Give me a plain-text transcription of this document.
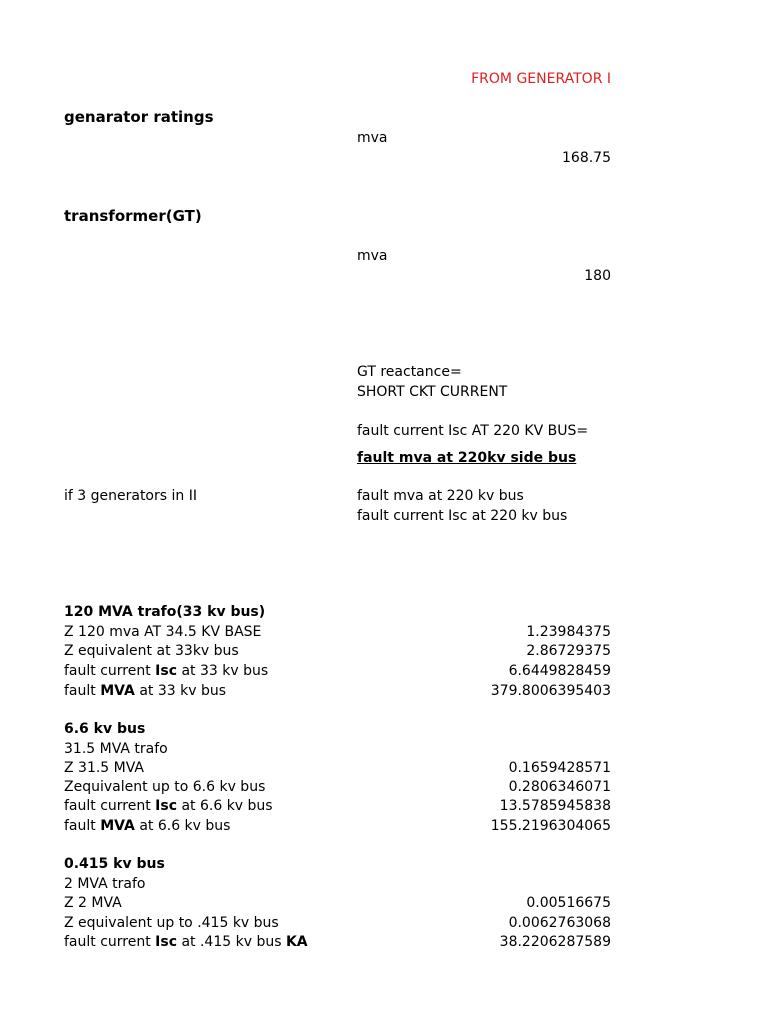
FROM GENERATOR I
genarator ratings
mva
168.75
transformer(GT)
mva
180
GT reactance=
SHORT CKT CURRENT
fault current Isc AT 220 KV BUS=
fault mva at 220kv side bus
if 3 generators in II	fault mva at 220 kv bus
fault current Isc at 220 kv bus
120 MVA trafo(33 kv bus)
Z 120 mva AT 34.5 KV BASE	1.23984375
Z equivalent at 33kv bus	2.86729375
fault current Isc at 33 kv bus	6.6449828459
fault MVA at 33 kv bus	379.8006395403
6.6 kv bus
31.5 MVA trafo
Z 31.5 MVA	0.1659428571
Zequivalent up to 6.6 kv bus	0.2806346071
fault current Isc at 6.6 kv bus	13.5785945838
fault MVA at 6.6 kv bus	155.2196304065
0.415 kv bus
2 MVA trafo
Z 2 MVA	0.00516675
Z equivalent up to .415 kv bus	0.0062763068
fault current Isc at .415 kv bus KA	38.2206287589
